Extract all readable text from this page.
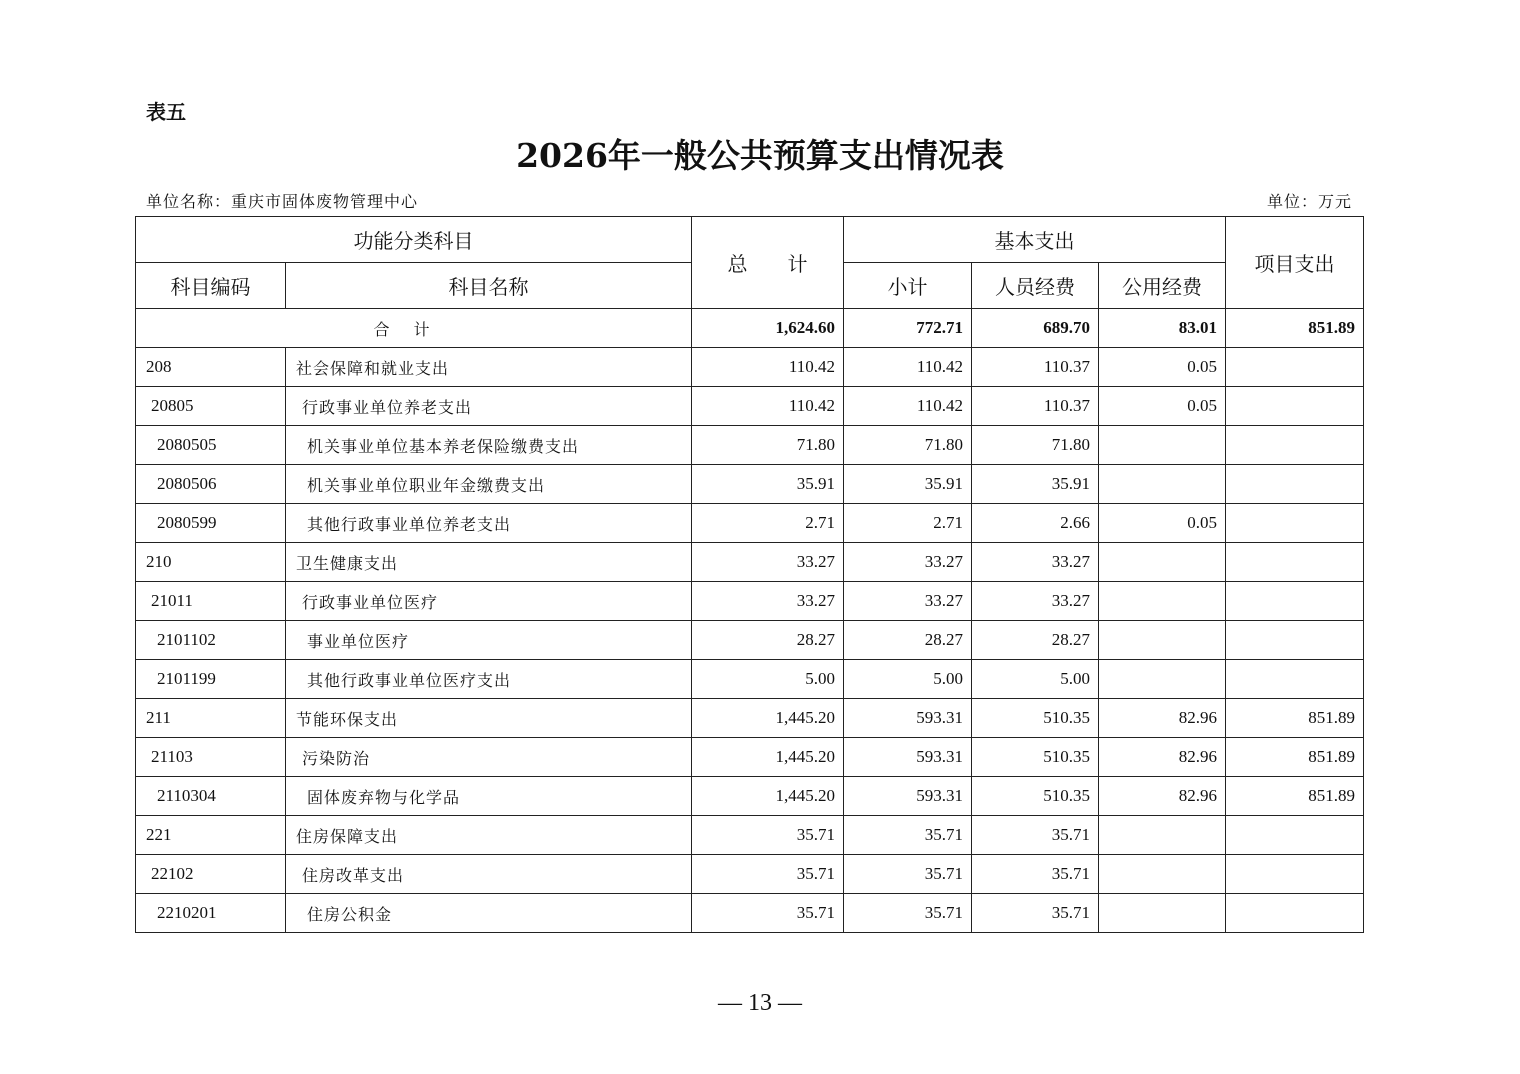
表五
2026年一般公共预算支出情况表
单位名称：重庆市固体废物管理中心	单位：万元
功能分类科目		总　　计	基本支出			项目支出
科目编码	科目名称		小计	人员经费	公用经费	
合计		1,624.60	772.71	689.70	83.01	851.89
208	社会保障和就业支出	110.42	110.42	110.37	0.05	
20805	行政事业单位养老支出	110.42	110.42	110.37	0.05	
2080505	机关事业单位基本养老保险缴费支出	71.80	71.80	71.80		
2080506	机关事业单位职业年金缴费支出	35.91	35.91	35.91		
2080599	其他行政事业单位养老支出	2.71	2.71	2.66	0.05	
210	卫生健康支出	33.27	33.27	33.27		
21011	行政事业单位医疗	33.27	33.27	33.27		
2101102	事业单位医疗	28.27	28.27	28.27		
2101199	其他行政事业单位医疗支出	5.00	5.00	5.00		
211	节能环保支出	1,445.20	593.31	510.35	82.96	851.89
21103	污染防治	1,445.20	593.31	510.35	82.96	851.89
2110304	固体废弃物与化学品	1,445.20	593.31	510.35	82.96	851.89
221	住房保障支出	35.71	35.71	35.71		
22102	住房改革支出	35.71	35.71	35.71		
2210201	住房公积金	35.71	35.71	35.71		
— 13 —
